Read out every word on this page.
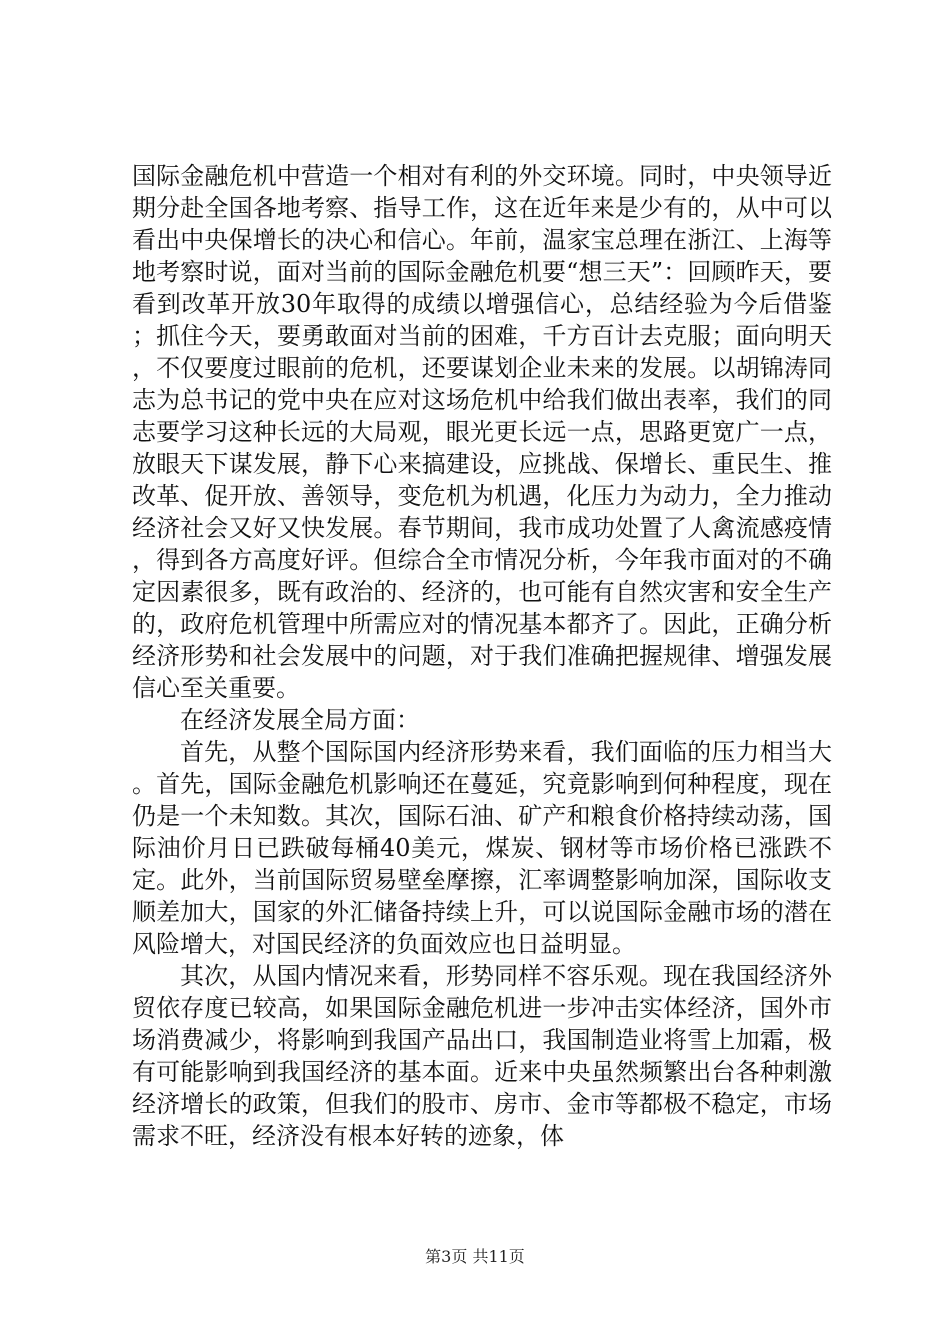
国际金融危机中营造一个相对有利的外交环境。同时，中央领导近期分赴全国各地考察、指导工作，这在近年来是少有的，从中可以看出中央保增长的决心和信心。年前，温家宝总理在浙江、上海等地考察时说，面对当前的国际金融危机要“想三天”：回顾昨天，要看到改革开放30年取得的成绩以增强信心，总结经验为今后借鉴；抓住今天，要勇敢面对当前的困难，千方百计去克服；面向明天，不仅要度过眼前的危机，还要谋划企业未来的发展。以胡锦涛同志为总书记的党中央在应对这场危机中给我们做出表率，我们的同志要学习这种长远的大局观，眼光更长远一点，思路更宽广一点，放眼天下谋发展，静下心来搞建设，应挑战、保增长、重民生、推改革、促开放、善领导，变危机为机遇，化压力为动力，全力推动经济社会又好又快发展。春节期间，我市成功处置了人禽流感疫情，得到各方高度好评。但综合全市情况分析，今年我市面对的不确定因素很多，既有政治的、经济的，也可能有自然灾害和安全生产的，政府危机管理中所需应对的情况基本都齐了。因此，正确分析经济形势和社会发展中的问题，对于我们准确把握规律、增强发展信心至关重要。

在经济发展全局方面：

首先，从整个国际国内经济形势来看，我们面临的压力相当大。首先，国际金融危机影响还在蔓延，究竟影响到何种程度，现在仍是一个未知数。其次，国际石油、矿产和粮食价格持续动荡，国际油价月日已跌破每桶40美元，煤炭、钢材等市场价格已涨跌不定。此外，当前国际贸易壁垒摩擦，汇率调整影响加深，国际收支顺差加大，国家的外汇储备持续上升，可以说国际金融市场的潜在风险增大，对国民经济的负面效应也日益明显。

其次，从国内情况来看，形势同样不容乐观。现在我国经济外贸依存度已较高，如果国际金融危机进一步冲击实体经济，国外市场消费减少，将影响到我国产品出口，我国制造业将雪上加霜，极有可能影响到我国经济的基本面。近来中央虽然频繁出台各种刺激经济增长的政策，但我们的股市、房市、金市等都极不稳定，市场需求不旺，经济没有根本好转的迹象，体

第3页 共11页
